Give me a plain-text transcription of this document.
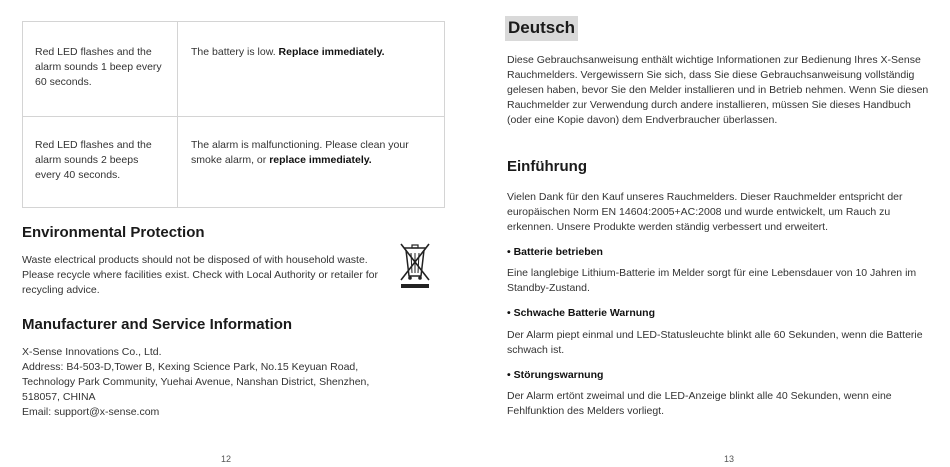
Red LED flashes and the alarm sounds 1 beep every 60 seconds.
The battery is low. Replace immediately.
Red LED flashes and the alarm sounds 2 beeps every 40 seconds.
The alarm is malfunctioning. Please clean your smoke alarm, or replace immediately.
Environmental Protection
Waste electrical products should not be disposed of with household waste. Please recycle where facilities exist. Check with Local Authority or retailer for recycling advice.
Manufacturer and Service Information
X-Sense Innovations Co., Ltd.
Address: B4-503-D,Tower B, Kexing Science Park, No.15 Keyuan Road, Technology Park Community, Yuehai Avenue, Nanshan District, Shenzhen, 518057, CHINA
Email: support@x-sense.com
12
Deutsch
Diese Gebrauchsanweisung enthält wichtige Informationen zur Bedienung Ihres X-Sense Rauchmelders. Vergewissern Sie sich, dass Sie diese Gebrauchsanweisung vollständig gelesen haben, bevor Sie den Melder installieren und in Betrieb nehmen. Wenn Sie diesen Rauchmelder zur Verwendung durch andere installieren, müssen Sie dieses Handbuch (oder eine Kopie davon) dem Endverbraucher überlassen.
Einführung
Vielen Dank für den Kauf unseres Rauchmelders. Dieser Rauchmelder entspricht der europäischen Norm EN 14604:2005+AC:2008 und wurde entwickelt, um Rauch zu erkennen. Unsere Produkte werden ständig verbessert und erweitert.
• Batterie betrieben
Eine langlebige Lithium-Batterie im Melder sorgt für eine Lebensdauer von 10 Jahren im Standby-Zustand.
• Schwache Batterie Warnung
Der Alarm piept einmal und LED-Statusleuchte blinkt alle 60 Sekunden, wenn die Batterie schwach ist.
• Störungswarnung
Der Alarm ertönt zweimal und die LED-Anzeige blinkt alle 40 Sekunden, wenn eine Fehlfunktion des Melders vorliegt.
13
